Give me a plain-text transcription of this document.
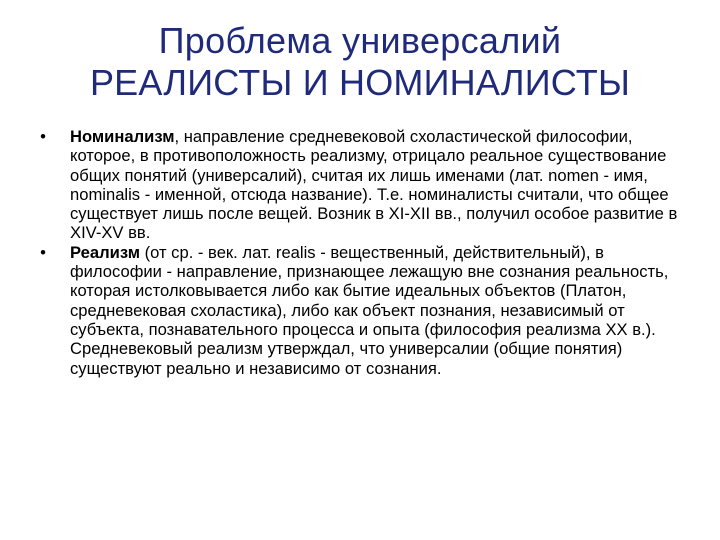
Проблема универсалий
РЕАЛИСТЫ И НОМИНАЛИСТЫ

• Номинализм, направление средневековой схоластической философии, которое, в противоположность реализму, отрицало реальное существование общих понятий (универсалий), считая их лишь именами (лат. nomen - имя, nominalis - именной, отсюда название). Т.е. номиналисты считали, что общее существует лишь после вещей. Возник в XI-XII вв., получил особое развитие в XIV-XV вв.

• Реализм (от ср. - век. лат. realis - вещественный, действительный), в философии - направление, признающее лежащую вне сознания реальность, которая истолковывается либо как бытие идеальных объектов (Платон, средневековая схоластика), либо как объект познания, независимый от субъекта, познавательного процесса и опыта (философия реализма XX в.). Средневековый реализм утверждал, что универсалии (общие понятия) существуют реально и независимо от сознания.
